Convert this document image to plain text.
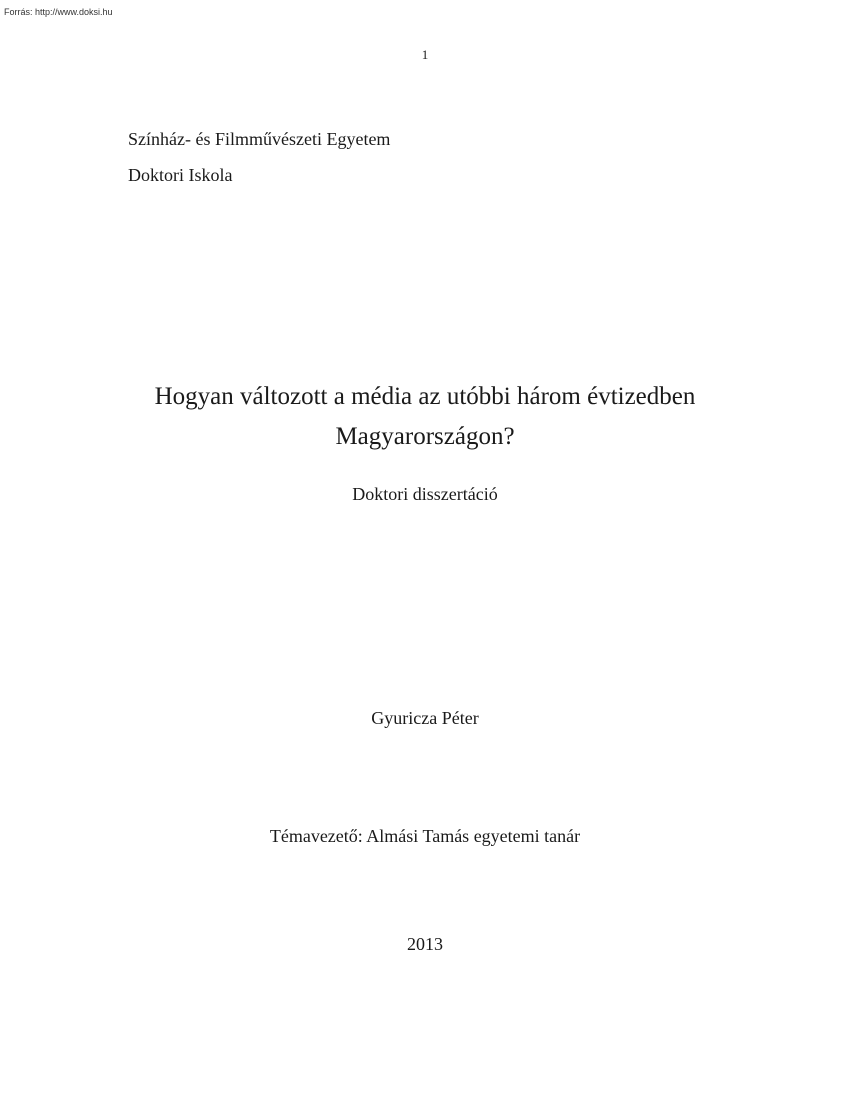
Forrás: http://www.doksi.hu
1
Színház- és Filmművészeti Egyetem
Doktori Iskola
Hogyan változott a média az utóbbi három évtizedben
Magyarországon?
Doktori disszertáció
Gyuricza Péter
Témavezető: Almási Tamás egyetemi tanár
2013
